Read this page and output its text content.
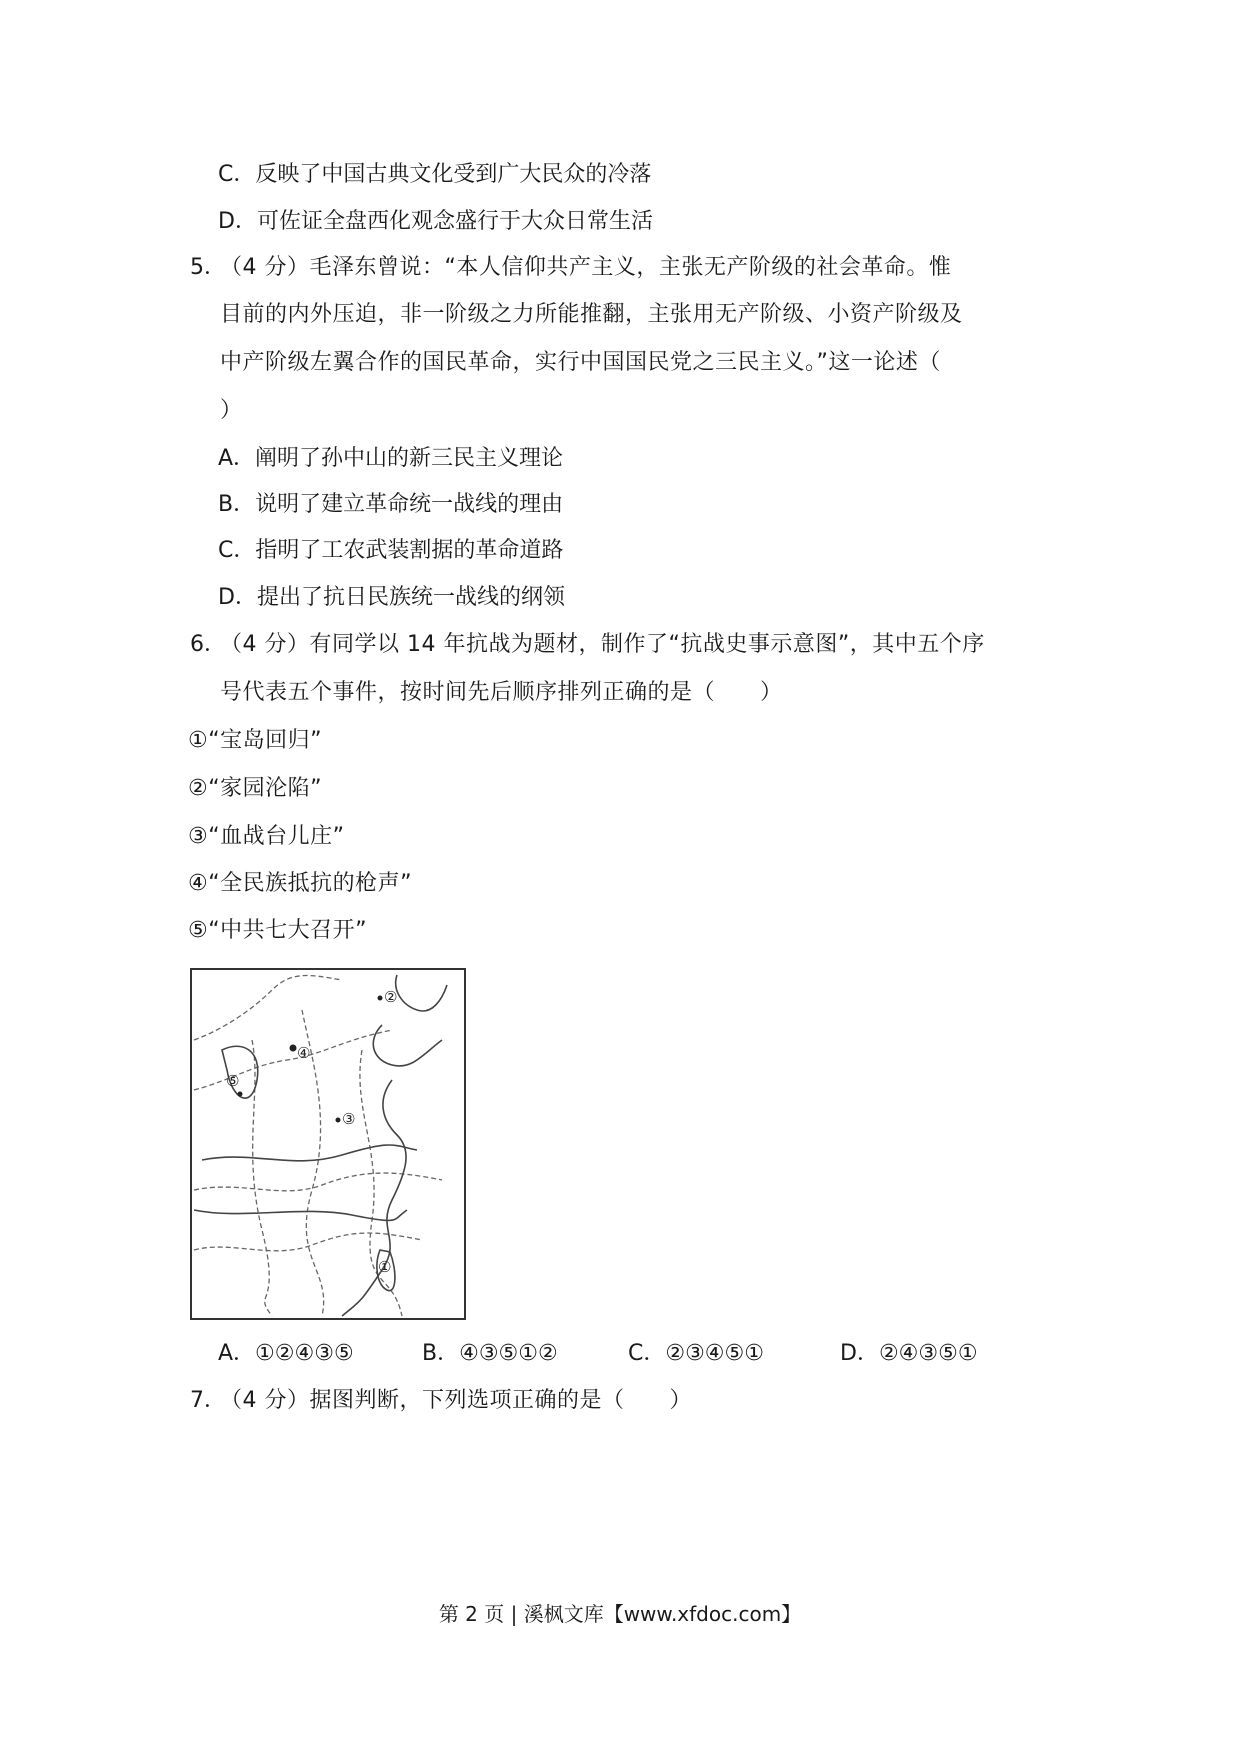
C．反映了中国古典文化受到广大民众的冷落
D．可佐证全盘西化观念盛行于大众日常生活
5．
（4 分）毛泽东曾说：“本人信仰共产主义，主张无产阶级的社会革命。惟
目前的内外压迫，非一阶级之力所能推翻，主张用无产阶级、小资产阶级及
中产阶级左翼合作的国民革命，实行中国国民党之三民主义。”这一论述（
）
A．阐明了孙中山的新三民主义理论
B．说明了建立革命统一战线的理由
C．指明了工农武装割据的革命道路
D．提出了抗日民族统一战线的纲领
6．
（4 分）有同学以 14 年抗战为题材，制作了“抗战史事示意图”，其中五个序
号代表五个事件，按时间先后顺序排列正确的是（　　）
①“宝岛回归”
②“家园沦陷”
③“血战台儿庄”
④“全民族抵抗的枪声”
⑤“中共七大召开”
②
④
⑤
③
①
A．①②④③⑤	B．④③⑤①②	C．②③④⑤①	D．②④③⑤①
7．
（4 分）据图判断，下列选项正确的是（　　）
第 2 页 | 溪枫文库【www.xfdoc.com】
